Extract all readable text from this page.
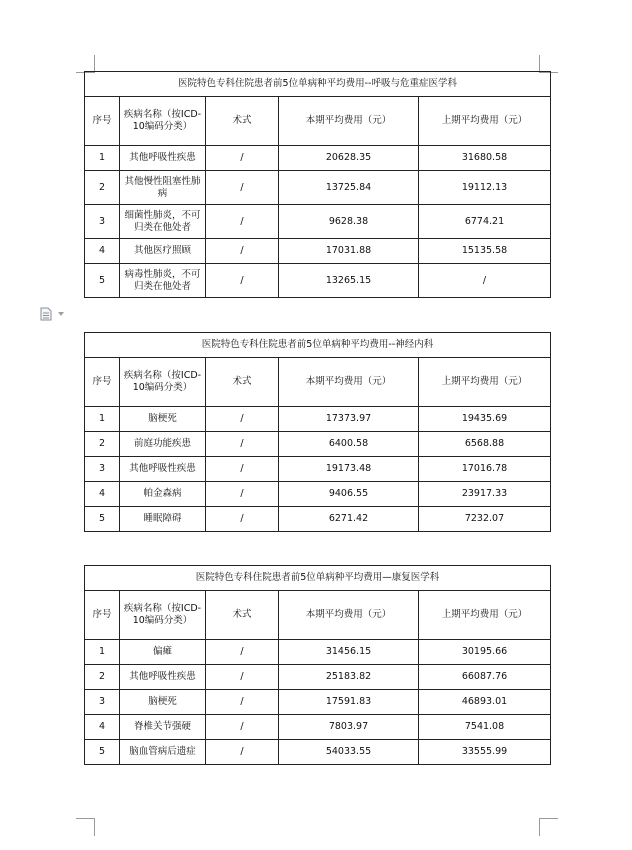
医院特色专科住院患者前5位单病种平均费用--呼吸与危重症医学科				
序号	疾病名称（按ICD-10编码分类）	术式	本期平均费用（元）	上期平均费用（元）
1	其他呼吸性疾患	/	20628.35	31680.58
2	其他慢性阻塞性肺病	/	13725.84	19112.13
3	细菌性肺炎，不可归类在他处者	/	9628.38	6774.21
4	其他医疗照顾	/	17031.88	15135.58
5	病毒性肺炎，不可归类在他处者	/	13265.15	/
医院特色专科住院患者前5位单病种平均费用--神经内科				
序号	疾病名称（按ICD-10编码分类）	术式	本期平均费用（元）	上期平均费用（元）
1	脑梗死	/	17373.97	19435.69
2	前庭功能疾患	/	6400.58	6568.88
3	其他呼吸性疾患	/	19173.48	17016.78
4	帕金森病	/	9406.55	23917.33
5	睡眠障碍	/	6271.42	7232.07
医院特色专科住院患者前5位单病种平均费用—康复医学科				
序号	疾病名称（按ICD-10编码分类）	术式	本期平均费用（元）	上期平均费用（元）
1	偏瘫	/	31456.15	30195.66
2	其他呼吸性疾患	/	25183.82	66087.76
3	脑梗死	/	17591.83	46893.01
4	脊椎关节强硬	/	7803.97	7541.08
5	脑血管病后遗症	/	54033.55	33555.99
